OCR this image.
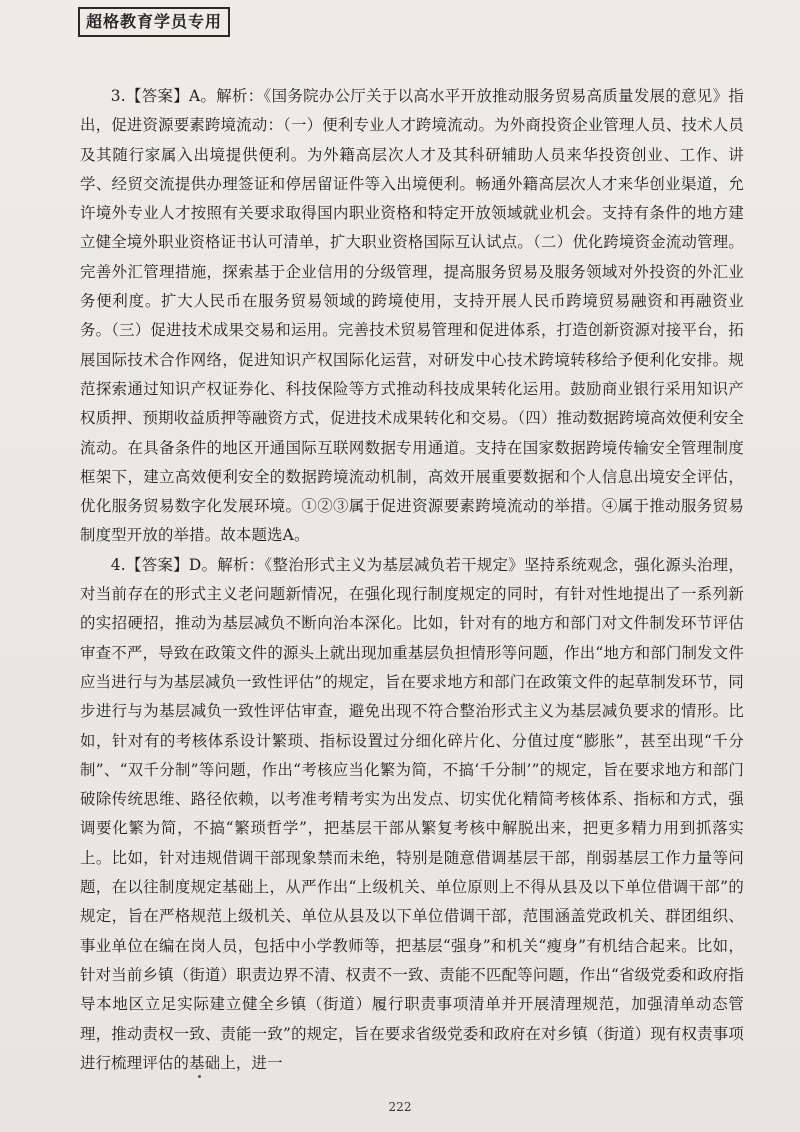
超格教育学员专用

3.【答案】A。解析：《国务院办公厅关于以高水平开放推动服务贸易高质量发展的意见》指出，促进资源要素跨境流动：（一）便利专业人才跨境流动。为外商投资企业管理人员、技术人员及其随行家属入出境提供便利。为外籍高层次人才及其科研辅助人员来华投资创业、工作、讲学、经贸交流提供办理签证和停居留证件等入出境便利。畅通外籍高层次人才来华创业渠道，允许境外专业人才按照有关要求取得国内职业资格和特定开放领域就业机会。支持有条件的地方建立健全境外职业资格证书认可清单，扩大职业资格国际互认试点。（二）优化跨境资金流动管理。完善外汇管理措施，探索基于企业信用的分级管理，提高服务贸易及服务领域对外投资的外汇业务便利度。扩大人民币在服务贸易领域的跨境使用，支持开展人民币跨境贸易融资和再融资业务。（三）促进技术成果交易和运用。完善技术贸易管理和促进体系，打造创新资源对接平台，拓展国际技术合作网络，促进知识产权国际化运营，对研发中心技术跨境转移给予便利化安排。规范探索通过知识产权证券化、科技保险等方式推动科技成果转化运用。鼓励商业银行采用知识产权质押、预期收益质押等融资方式，促进技术成果转化和交易。（四）推动数据跨境高效便利安全流动。在具备条件的地区开通国际互联网数据专用通道。支持在国家数据跨境传输安全管理制度框架下，建立高效便利安全的数据跨境流动机制，高效开展重要数据和个人信息出境安全评估，优化服务贸易数字化发展环境。①②③属于促进资源要素跨境流动的举措。④属于推动服务贸易制度型开放的举措。故本题选A。

4.【答案】D。解析：《整治形式主义为基层减负若干规定》坚持系统观念，强化源头治理，对当前存在的形式主义老问题新情况，在强化现行制度规定的同时，有针对性地提出了一系列新的实招硬招，推动为基层减负不断向治本深化。比如，针对有的地方和部门对文件制发环节评估审查不严，导致在政策文件的源头上就出现加重基层负担情形等问题，作出“地方和部门制发文件应当进行与为基层减负一致性评估”的规定，旨在要求地方和部门在政策文件的起草制发环节，同步进行与为基层减负一致性评估审查，避免出现不符合整治形式主义为基层减负要求的情形。比如，针对有的考核体系设计繁琐、指标设置过分细化碎片化、分值过度“膨胀”，甚至出现“千分制”、“双千分制”等问题，作出“考核应当化繁为简，不搞‘千分制’”的规定，旨在要求地方和部门破除传统思维、路径依赖，以考准考精考实为出发点、切实优化精简考核体系、指标和方式，强调要化繁为简，不搞“繁琐哲学”，把基层干部从繁复考核中解脱出来，把更多精力用到抓落实上。比如，针对违规借调干部现象禁而未绝，特别是随意借调基层干部，削弱基层工作力量等问题，在以往制度规定基础上，从严作出“上级机关、单位原则上不得从县及以下单位借调干部”的规定，旨在严格规范上级机关、单位从县及以下单位借调干部，范围涵盖党政机关、群团组织、事业单位在编在岗人员，包括中小学教师等，把基层“强身”和机关“瘦身”有机结合起来。比如，针对当前乡镇（街道）职责边界不清、权责不一致、责能不匹配等问题，作出“省级党委和政府指导本地区立足实际建立健全乡镇（街道）履行职责事项清单并开展清理规范，加强清单动态管理，推动责权一致、责能一致”的规定，旨在要求省级党委和政府在对乡镇（街道）现有权责事项进行梳理评估的基础上，进一

222
